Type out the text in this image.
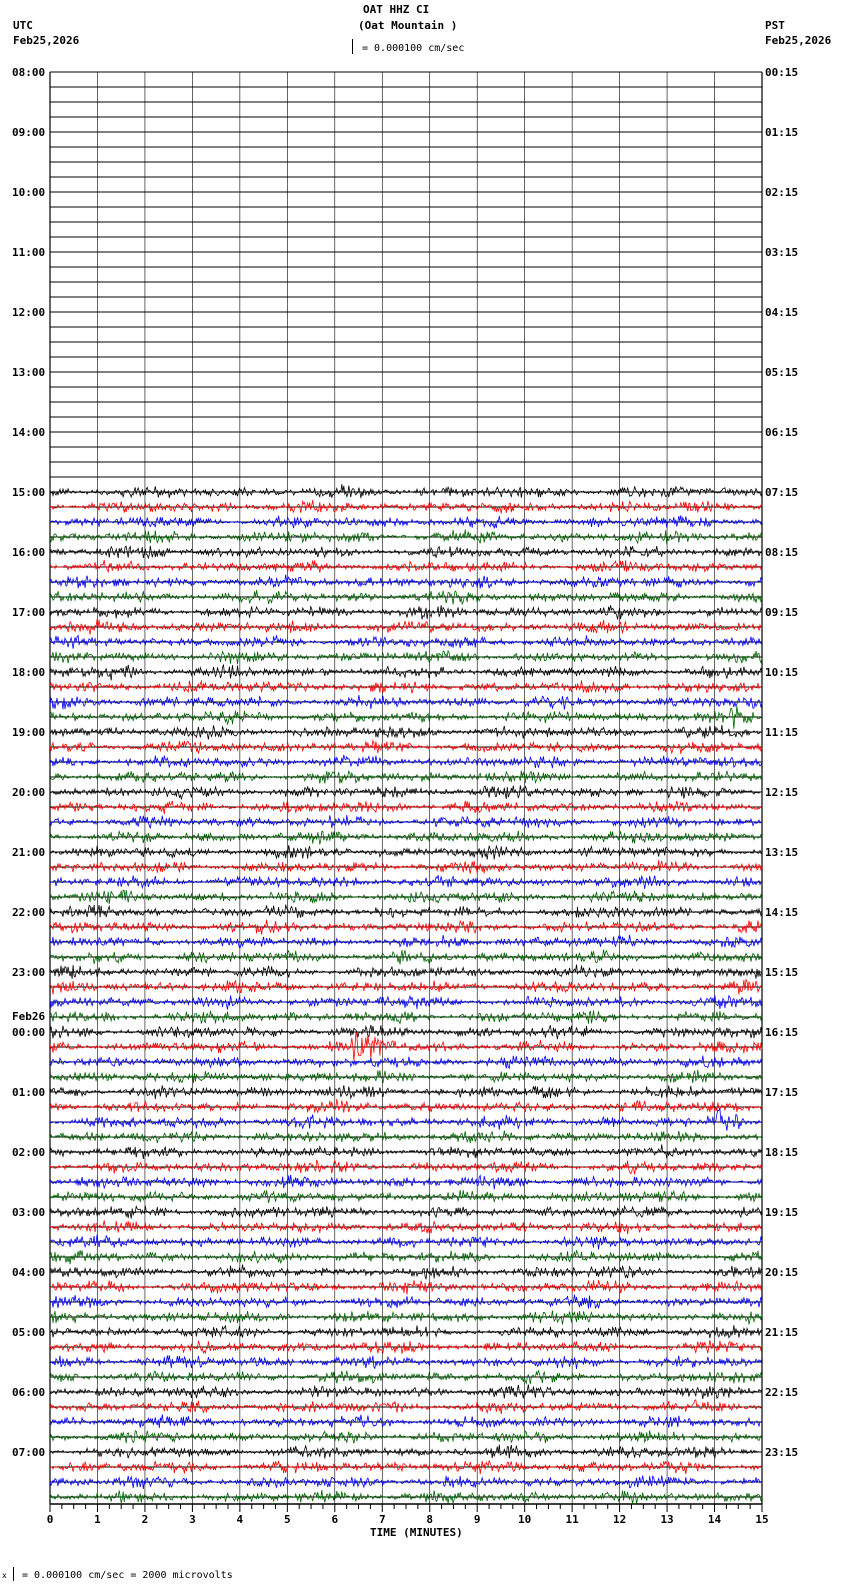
OAT HHZ CI
(Oat Mountain )
UTC
Feb25,2026
PST
Feb25,2026
= 0.000100 cm/sec
0	1	2	3	4	5	6	7	8	9	10	11	12	13	14	15
08:00
09:00
10:00
11:00
12:00
13:00
14:00
15:00
16:00
17:00
18:00
19:00
20:00
21:00
22:00
23:00
00:00
01:00
02:00
03:00
04:00
05:00
06:00
07:00
00:15
01:15
02:15
03:15
04:15
05:15
06:15
07:15
08:15
09:15
10:15
11:15
12:15
13:15
14:15
15:15
16:15
17:15
18:15
19:15
20:15
21:15
22:15
23:15
Feb26
TIME (MINUTES)
x = 0.000100 cm/sec = 2000 microvolts
